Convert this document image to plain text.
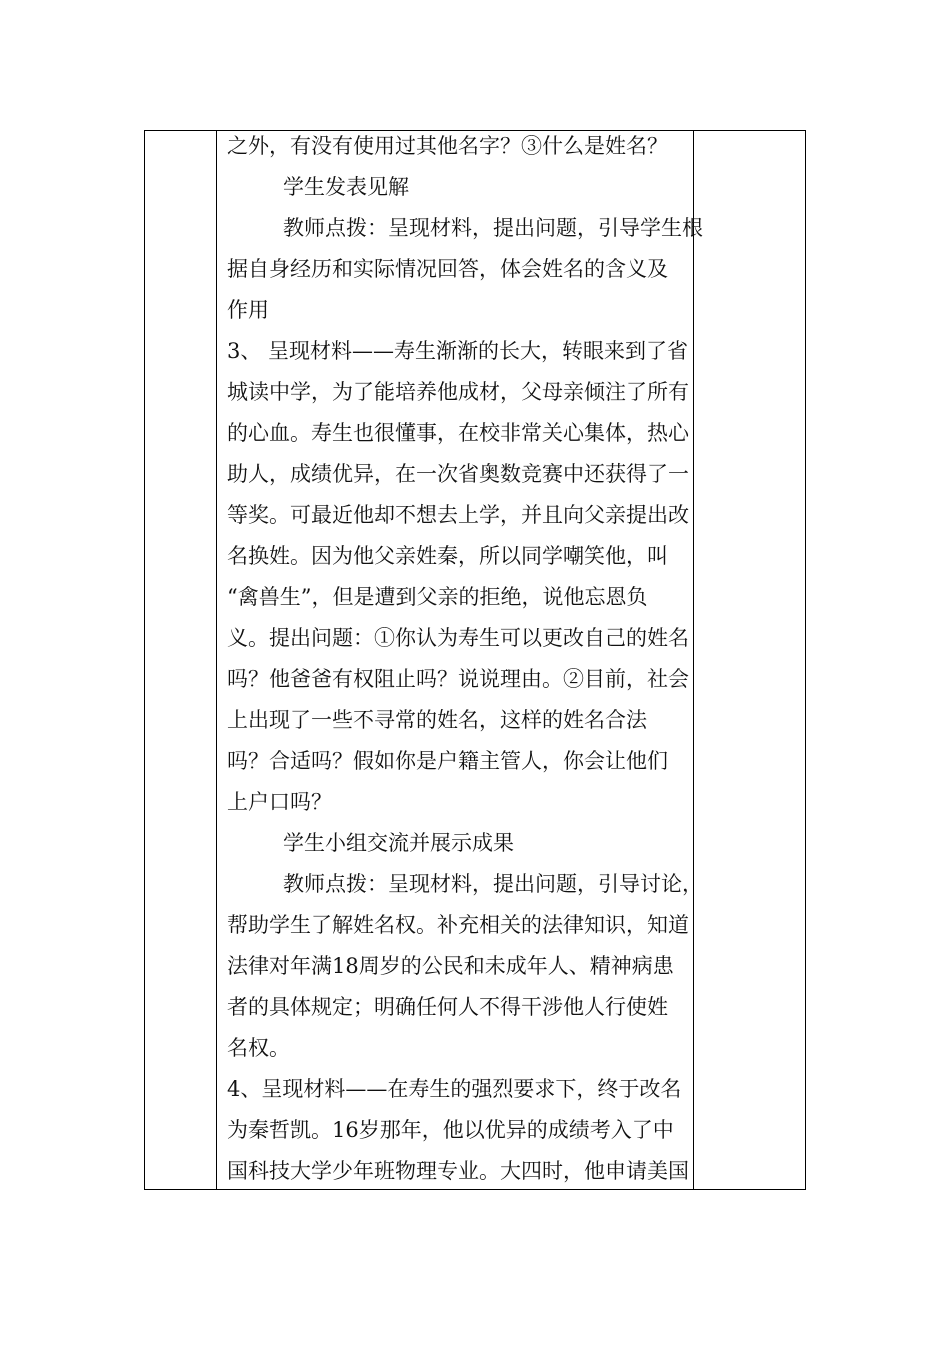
之外，有没有使用过其他名字？③什么是姓名？
学生发表见解
教师点拨：呈现材料，提出问题，引导学生根
据自身经历和实际情况回答，体会姓名的含义及
作用
3、 呈现材料——寿生渐渐的长大，转眼来到了省
城读中学，为了能培养他成材，父母亲倾注了所有
的心血。寿生也很懂事，在校非常关心集体，热心
助人，成绩优异，在一次省奥数竞赛中还获得了一
等奖。可最近他却不想去上学，并且向父亲提出改
名换姓。因为他父亲姓秦，所以同学嘲笑他，叫
“禽兽生”，但是遭到父亲的拒绝，说他忘恩负
义。提出问题：①你认为寿生可以更改自己的姓名
吗？他爸爸有权阻止吗？说说理由。②目前，社会
上出现了一些不寻常的姓名，这样的姓名合法
吗？合适吗？假如你是户籍主管人，你会让他们
上户口吗？
学生小组交流并展示成果
教师点拨：呈现材料，提出问题，引导讨论，
帮助学生了解姓名权。补充相关的法律知识，知道
法律对年满18周岁的公民和未成年人、精神病患
者的具体规定；明确任何人不得干涉他人行使姓
名权。
4、呈现材料——在寿生的强烈要求下，终于改名
为秦哲凯。16岁那年，他以优异的成绩考入了中
国科技大学少年班物理专业。大四时，他申请美国
